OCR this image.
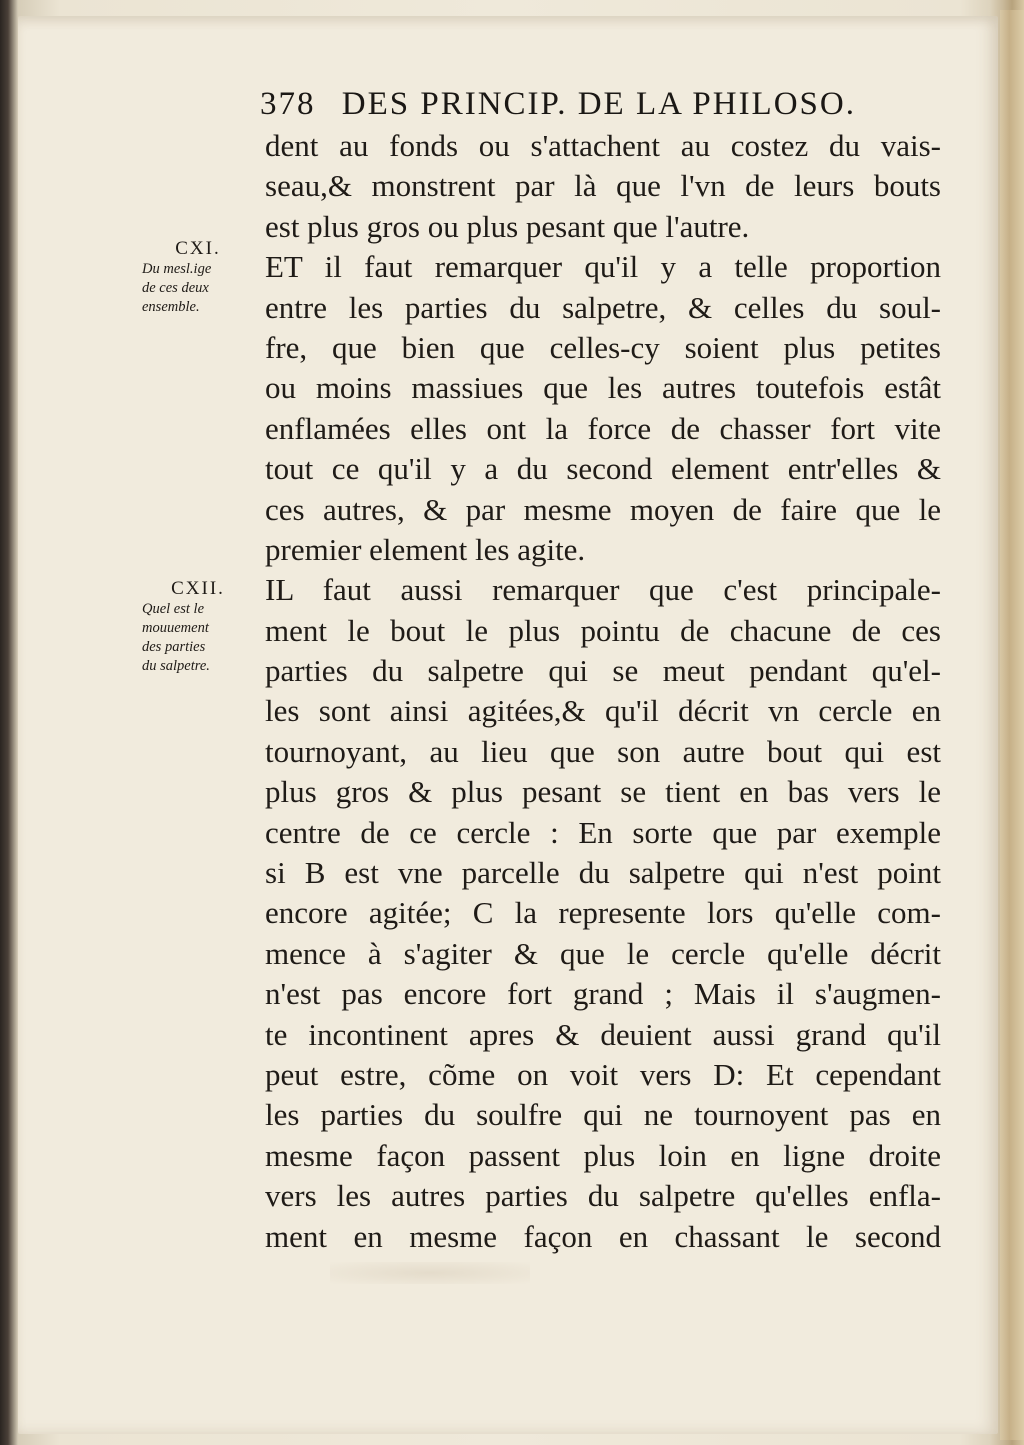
378 DES PRINCIP. DE LA PHILOSO.
CXI.
Du mesl.ige
de ces deux
ensemble.
CXII.
Quel est le
mouuement
des parties
du salpetre.
dent au fonds ou s'attachent au costez du vais-
seau,& monstrent par là que l'vn de leurs bouts
est plus gros ou plus pesant que l'autre.
ET il faut remarquer qu'il y a telle proportion
entre les parties du salpetre, & celles du soul-
fre, que bien que celles-cy soient plus petites
ou moins massiues que les autres toutefois estât
enflamées elles ont la force de chasser fort vite
tout ce qu'il y a du second element entr'elles &
ces autres, & par mesme moyen de faire que le
premier element les agite.
IL faut aussi remarquer que c'est principale-
ment le bout le plus pointu de chacune de ces
parties du salpetre qui se meut pendant qu'el-
les sont ainsi agitées,& qu'il décrit vn cercle en
tournoyant, au lieu que son autre bout qui est
plus gros & plus pesant se tient en bas vers le
centre de ce cercle : En sorte que par exemple
si B est vne parcelle du salpetre qui n'est point
encore agitée; C la represente lors qu'elle com-
mence à s'agiter & que le cercle qu'elle décrit
n'est pas encore fort grand ; Mais il s'augmen-
te incontinent apres & deuient aussi grand qu'il
peut estre, cõme on voit vers D: Et cependant
les parties du soulfre qui ne tournoyent pas en
mesme façon passent plus loin en ligne droite
vers les autres parties du salpetre qu'elles enfla-
ment en mesme façon en chassant le second
